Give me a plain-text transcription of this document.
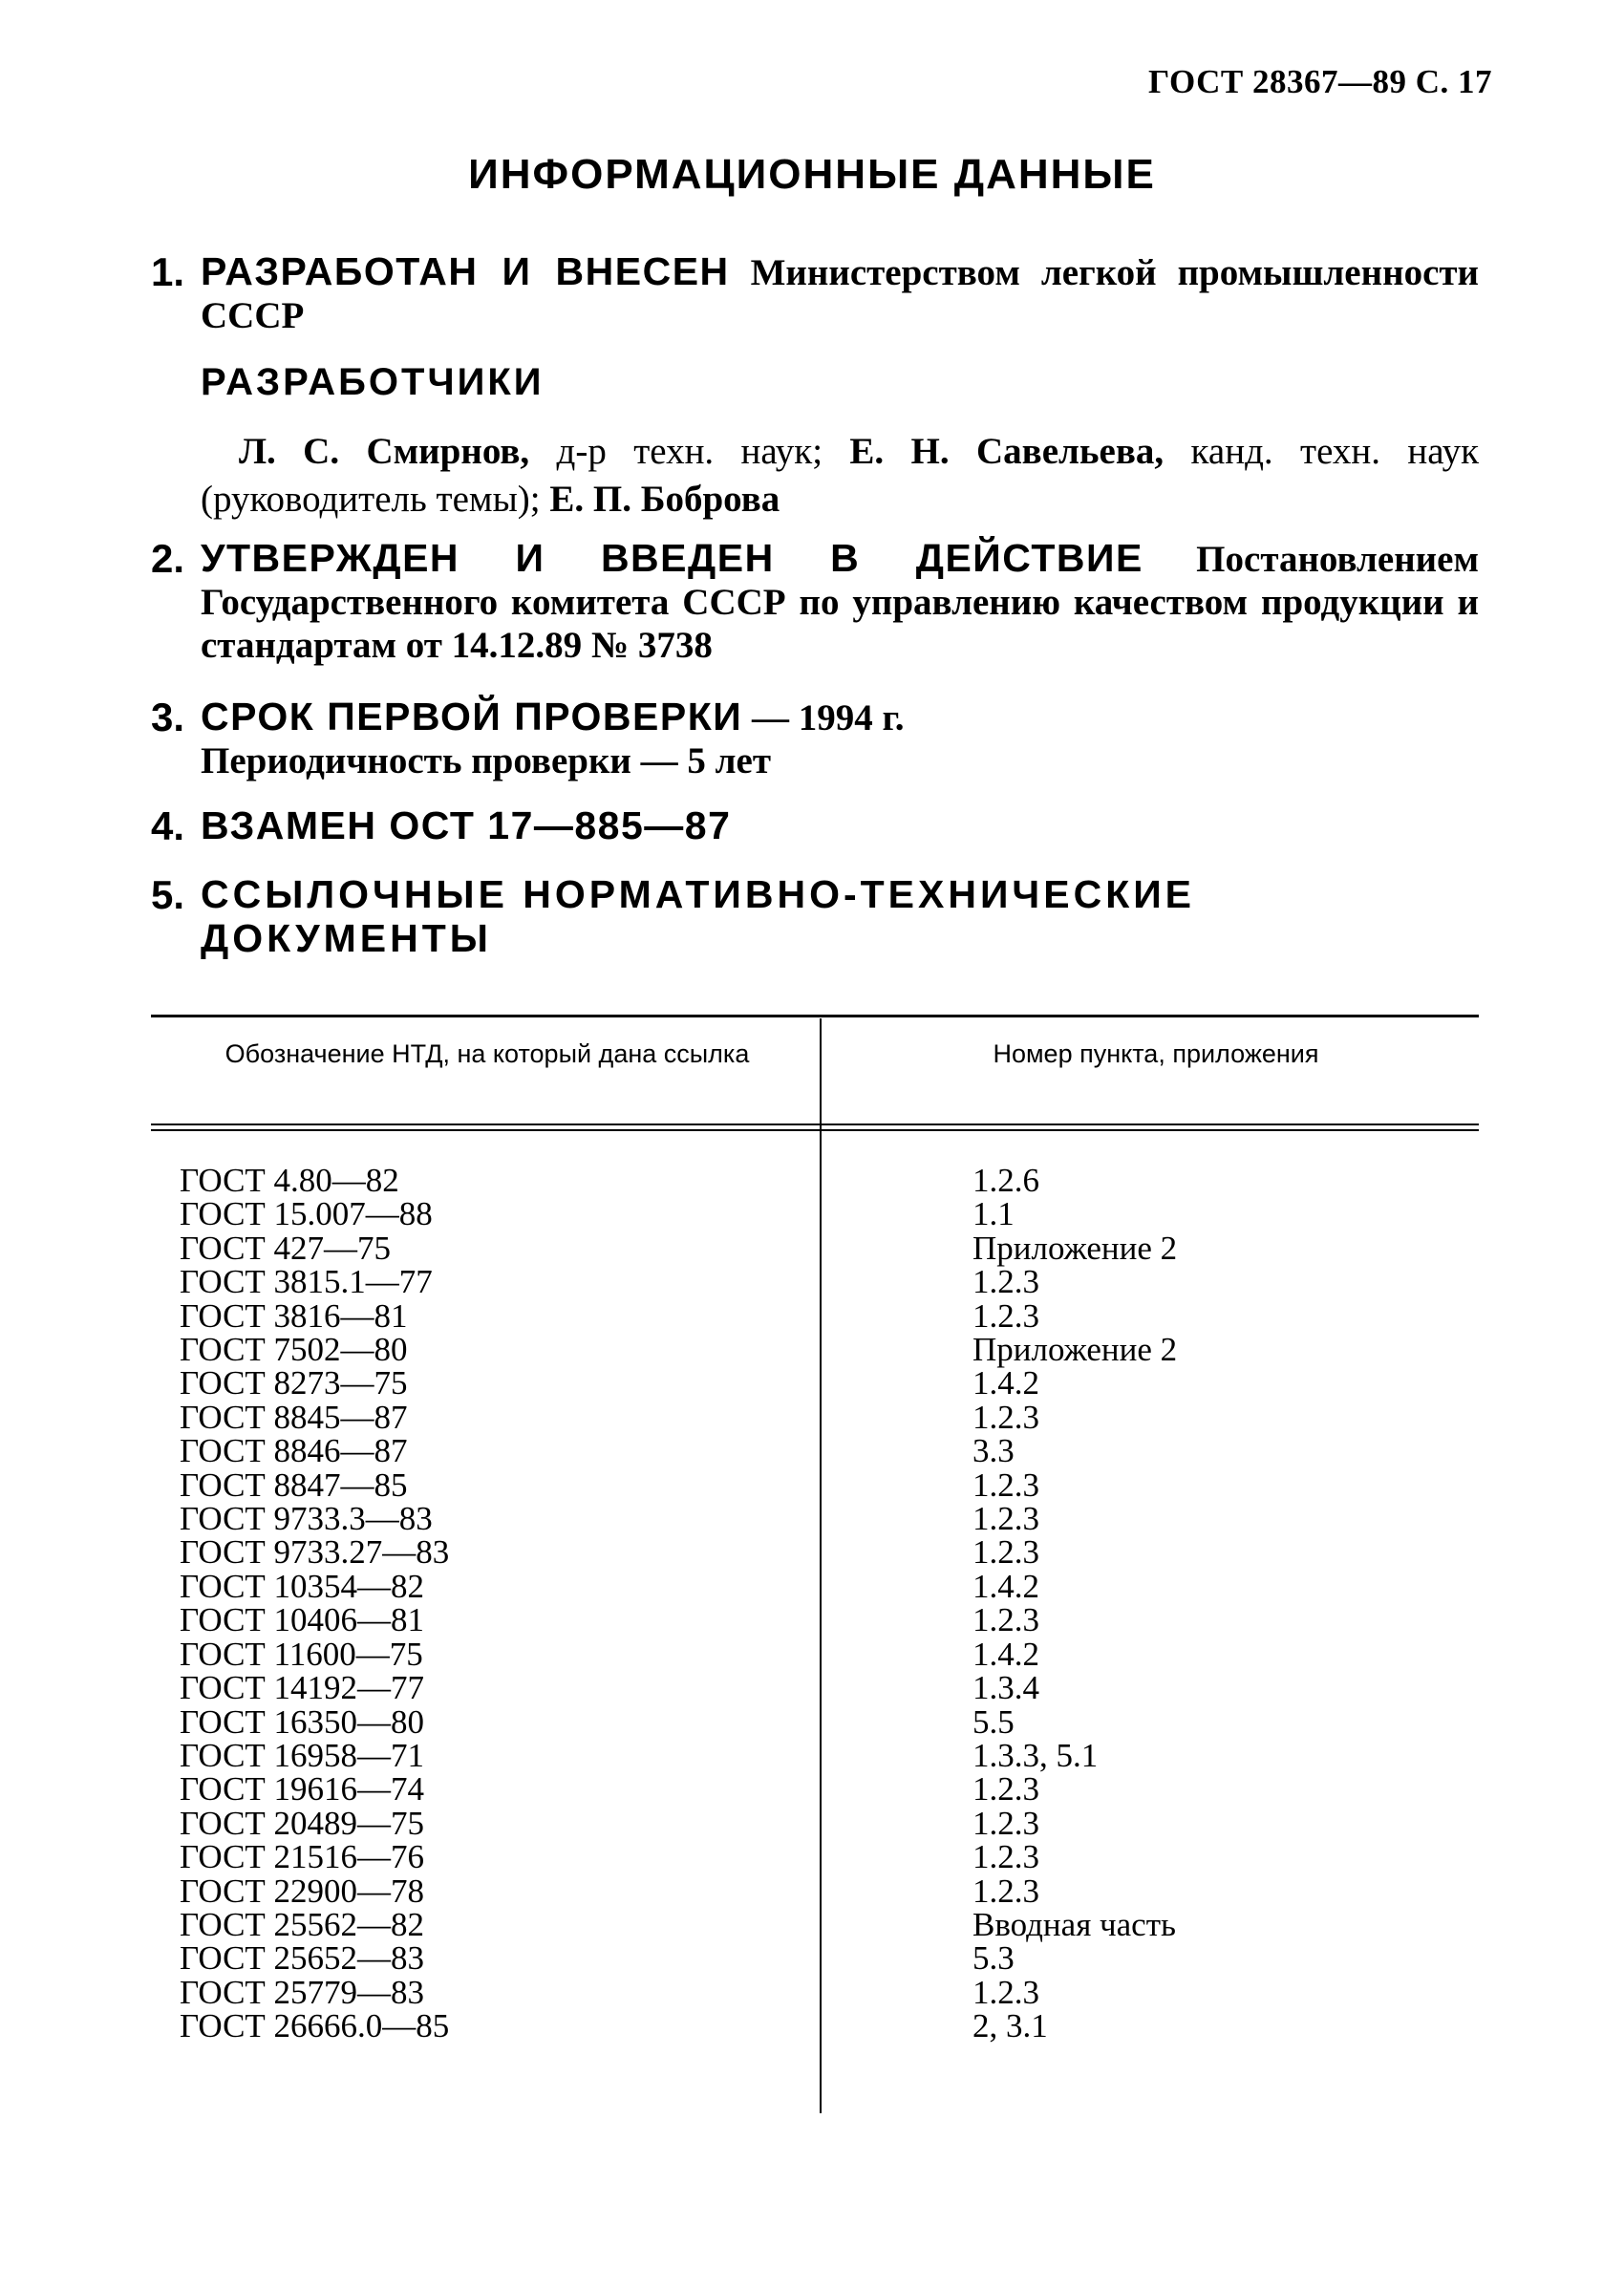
ГОСТ 28367—89 С. 17
ИНФОРМАЦИОННЫЕ ДАННЫЕ
1. РАЗРАБОТАН И ВНЕСЕН Министерством легкой промышленности СССР
РАЗРАБОТЧИКИ
Л. С. Смирнов, д-р техн. наук; Е. Н. Савельева, канд. техн. наук (руководитель темы); Е. П. Боброва
2. УТВЕРЖДЕН И ВВЕДЕН В ДЕЙСТВИЕ Постановлением Государственного комитета СССР по управлению качеством продукции и стандартам от 14.12.89 № 3738
3. СРОК ПЕРВОЙ ПРОВЕРКИ — 1994 г.
Периодичность проверки — 5 лет
4. ВЗАМЕН ОСТ 17—885—87
5. ССЫЛОЧНЫЕ НОРМАТИВНО-ТЕХНИЧЕСКИЕ ДОКУМЕНТЫ
Обозначение НТД, на который дана ссылка	Номер пункта, приложения
ГОСТ 4.80—82
ГОСТ 15.007—88
ГОСТ 427—75
ГОСТ 3815.1—77
ГОСТ 3816—81
ГОСТ 7502—80
ГОСТ 8273—75
ГОСТ 8845—87
ГОСТ 8846—87
ГОСТ 8847—85
ГОСТ 9733.3—83
ГОСТ 9733.27—83
ГОСТ 10354—82
ГОСТ 10406—81
ГОСТ 11600—75
ГОСТ 14192—77
ГОСТ 16350—80
ГОСТ 16958—71
ГОСТ 19616—74
ГОСТ 20489—75
ГОСТ 21516—76
ГОСТ 22900—78
ГОСТ 25562—82
ГОСТ 25652—83
ГОСТ 25779—83
ГОСТ 26666.0—85
1.2.6
1.1
Приложение 2
1.2.3
1.2.3
Приложение 2
1.4.2
1.2.3
3.3
1.2.3
1.2.3
1.2.3
1.4.2
1.2.3
1.4.2
1.3.4
5.5
1.3.3, 5.1
1.2.3
1.2.3
1.2.3
1.2.3
Вводная часть
5.3
1.2.3
2, 3.1
